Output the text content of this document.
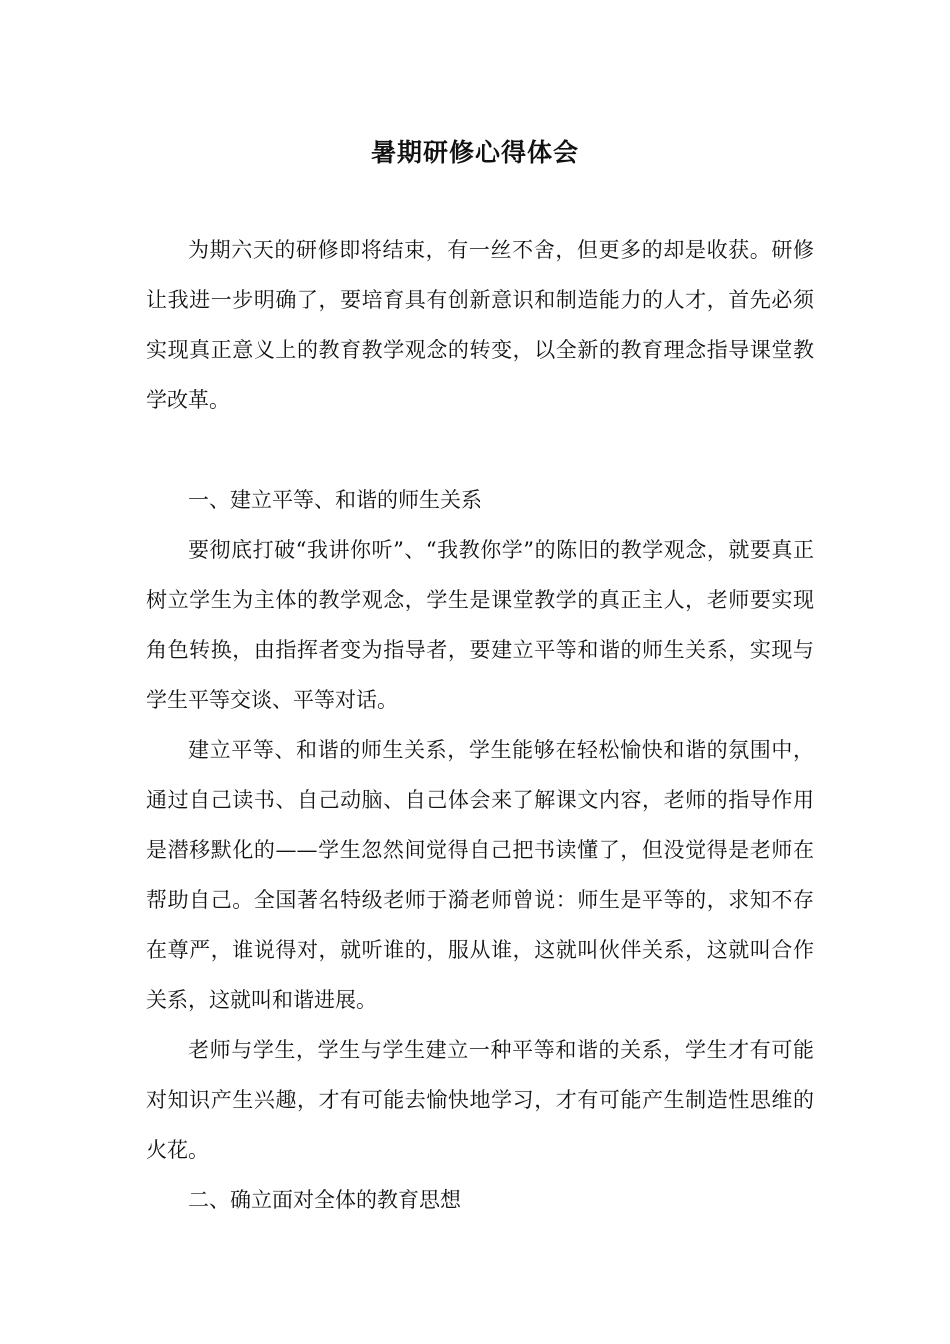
暑期研修心得体会

为期六天的研修即将结束，有一丝不舍，但更多的却是收获。研修让我进一步明确了，要培育具有创新意识和制造能力的人才，首先必须实现真正意义上的教育教学观念的转变，以全新的教育理念指导课堂教学改革。

一、建立平等、和谐的师生关系

要彻底打破“我讲你听”、“我教你学”的陈旧的教学观念，就要真正树立学生为主体的教学观念，学生是课堂教学的真正主人，老师要实现角色转换，由指挥者变为指导者，要建立平等和谐的师生关系，实现与学生平等交谈、平等对话。

建立平等、和谐的师生关系，学生能够在轻松愉快和谐的氛围中，通过自己读书、自己动脑、自己体会来了解课文内容，老师的指导作用是潜移默化的——学生忽然间觉得自己把书读懂了，但没觉得是老师在帮助自己。全国著名特级老师于漪老师曾说：师生是平等的，求知不存在尊严，谁说得对，就听谁的，服从谁，这就叫伙伴关系，这就叫合作关系，这就叫和谐进展。

老师与学生，学生与学生建立一种平等和谐的关系，学生才有可能对知识产生兴趣，才有可能去愉快地学习，才有可能产生制造性思维的火花。

二、确立面对全体的教育思想
